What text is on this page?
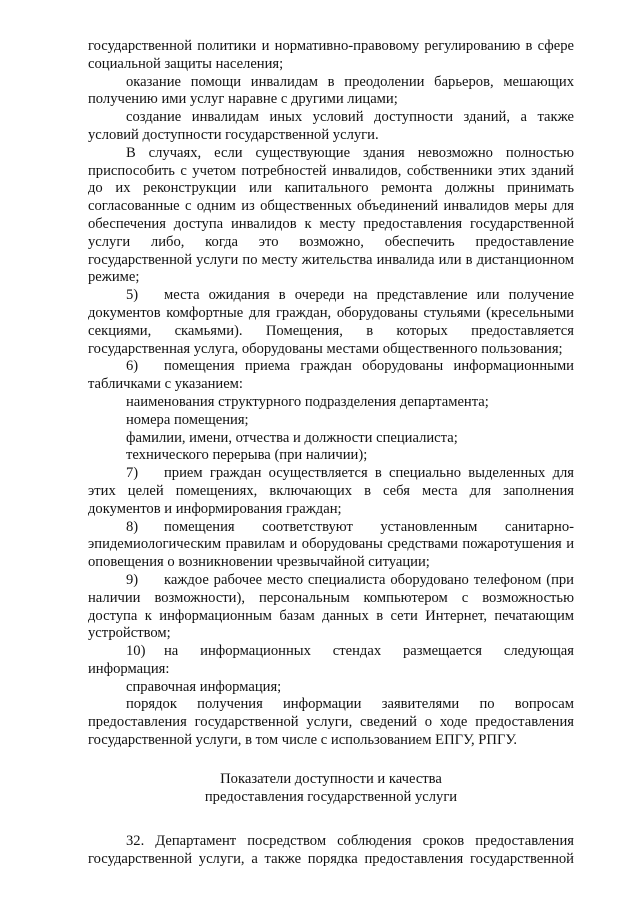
государственной политики и нормативно-правовому регулированию в сфере социальной защиты населения;

оказание помощи инвалидам в преодолении барьеров, мешающих получению ими услуг наравне с другими лицами;

создание инвалидам иных условий доступности зданий, а также условий доступности государственной услуги.

В случаях, если существующие здания невозможно полностью приспособить с учетом потребностей инвалидов, собственники этих зданий до их реконструкции или капитального ремонта должны принимать согласованные с одним из общественных объединений инвалидов меры для обеспечения доступа инвалидов к месту предоставления государственной услуги либо, когда это возможно, обеспечить предоставление государственной услуги по месту жительства инвалида или в дистанционном режиме;

5) места ожидания в очереди на представление или получение документов комфортные для граждан, оборудованы стульями (кресельными секциями, скамьями). Помещения, в которых предоставляется государственная услуга, оборудованы местами общественного пользования;

6) помещения приема граждан оборудованы информационными табличками с указанием:

наименования структурного подразделения департамента;

номера помещения;

фамилии, имени, отчества и должности специалиста;

технического перерыва (при наличии);

7) прием граждан осуществляется в специально выделенных для этих целей помещениях, включающих в себя места для заполнения документов и информирования граждан;

8) помещения соответствуют установленным санитарно-эпидемиологическим правилам и оборудованы средствами пожаротушения и оповещения о возникновении чрезвычайной ситуации;

9) каждое рабочее место специалиста оборудовано телефоном (при наличии возможности), персональным компьютером с возможностью доступа к информационным базам данных в сети Интернет, печатающим устройством;

10) на информационных стендах размещается следующая информация:

справочная информация;

порядок получения информации заявителями по вопросам предоставления государственной услуги, сведений о ходе предоставления государственной услуги, в том числе с использованием ЕПГУ, РПГУ.

Показатели доступности и качества

предоставления государственной услуги

32. Департамент посредством соблюдения сроков предоставления государственной услуги, а также порядка предоставления государственной
